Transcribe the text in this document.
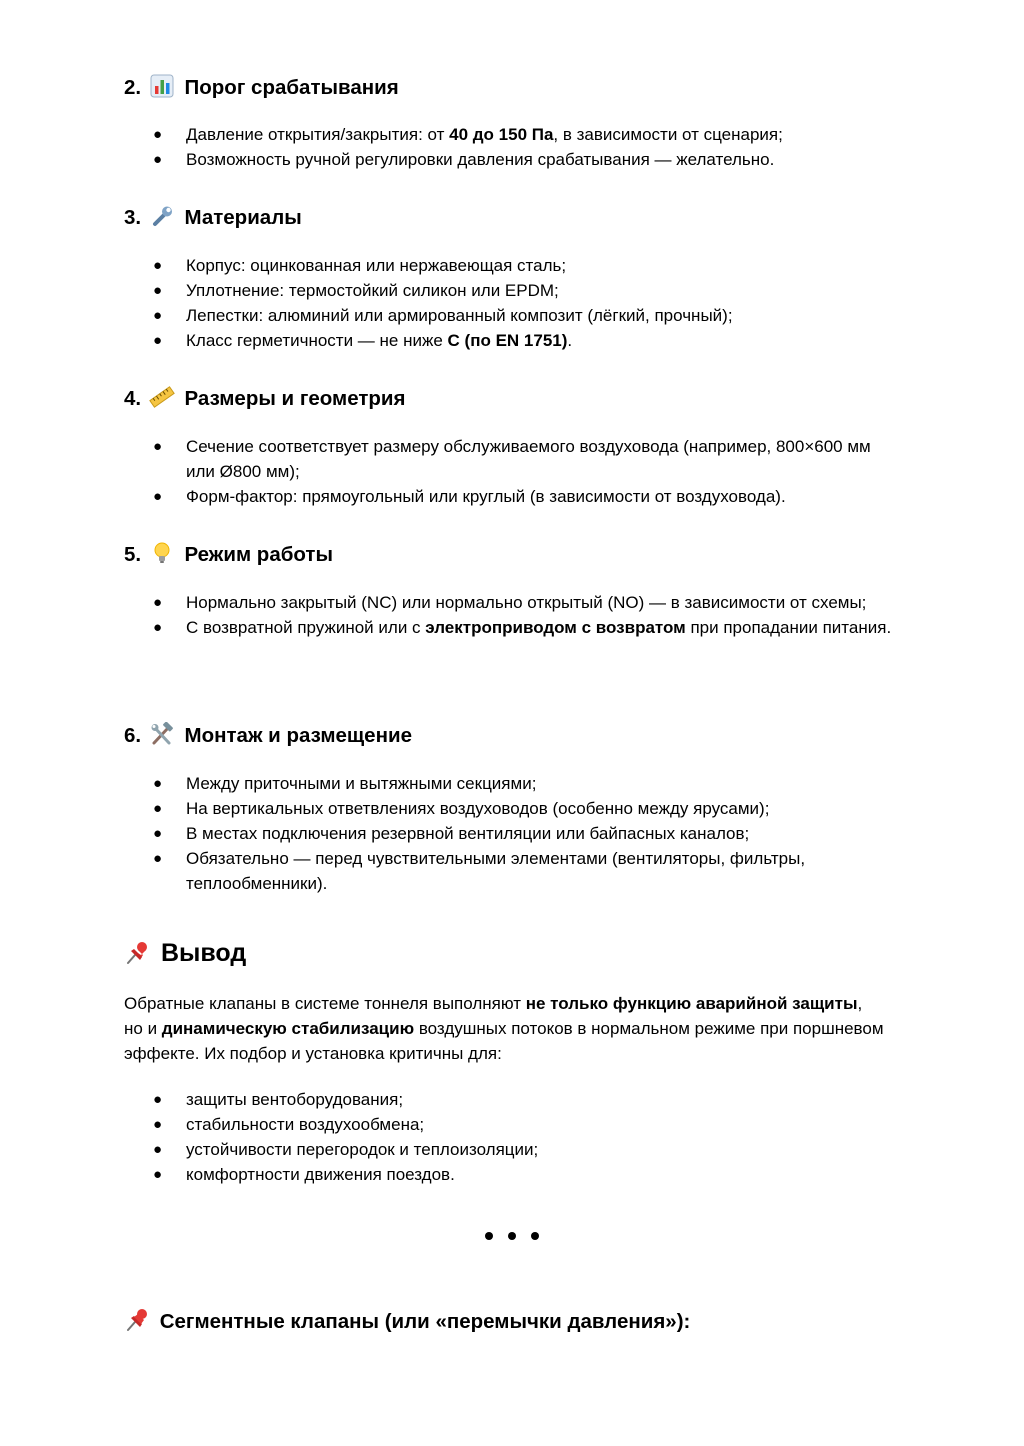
2. Порог срабатывания
● Давление открытия/закрытия: от 40 до 150 Па, в зависимости от сценария;
● Возможность ручной регулировки давления срабатывания — желательно.
3. Материалы
● Корпус: оцинкованная или нержавеющая сталь;
● Уплотнение: термостойкий силикон или EPDM;
● Лепестки: алюминий или армированный композит (лёгкий, прочный);
● Класс герметичности — не ниже C (по EN 1751).
4. Размеры и геометрия
● Сечение соответствует размеру обслуживаемого воздуховода (например, 800×600 мм или Ø800 мм);
● Форм-фактор: прямоугольный или круглый (в зависимости от воздуховода).
5. Режим работы
● Нормально закрытый (NC) или нормально открытый (NO) — в зависимости от схемы;
● С возвратной пружиной или с электроприводом с возвратом при пропадании питания.
6. Монтаж и размещение
● Между приточными и вытяжными секциями;
● На вертикальных ответвлениях воздуховодов (особенно между ярусами);
● В местах подключения резервной вентиляции или байпасных каналов;
● Обязательно — перед чувствительными элементами (вентиляторы, фильтры, теплообменники).
Вывод

Обратные клапаны в системе тоннеля выполняют не только функцию аварийной защиты, но и динамическую стабилизацию воздушных потоков в нормальном режиме при поршневом эффекте. Их подбор и установка критичны для:

● защиты вентоборудования;
● стабильности воздухообмена;
● устойчивости перегородок и теплоизоляции;
● комфортности движения поездов.
Сегментные клапаны (или «перемычки давления»):
